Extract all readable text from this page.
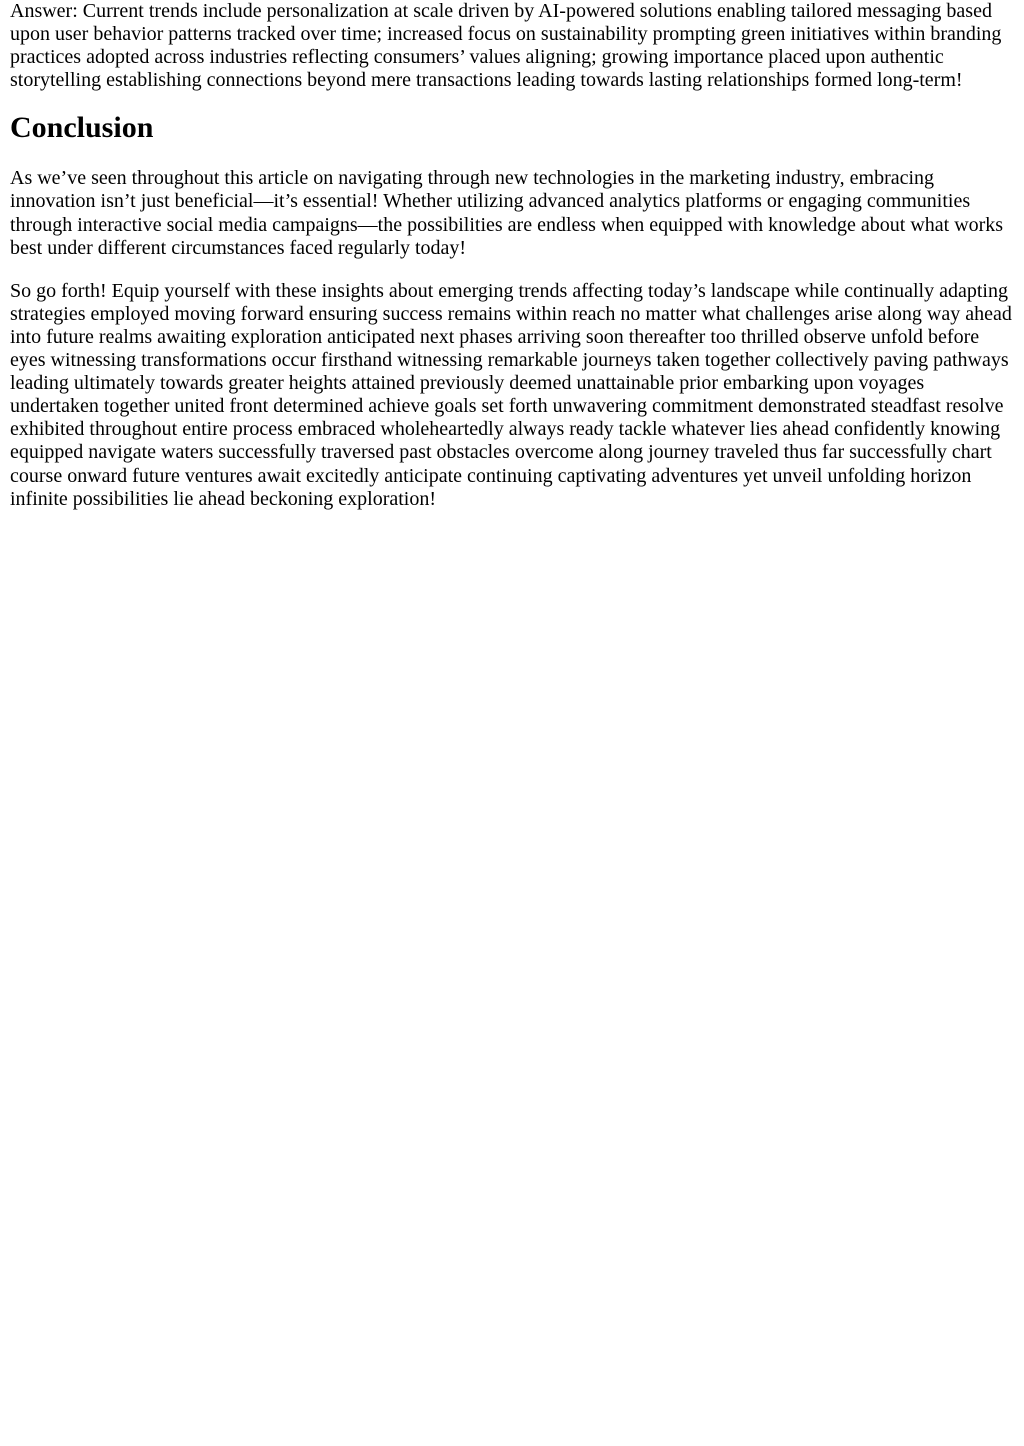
Answer: Current trends include personalization at scale driven by AI-powered solutions enabling tailored messaging based upon user behavior patterns tracked over time; increased focus on sustainability prompting green initiatives within branding practices adopted across industries reflecting consumers’ values aligning; growing importance placed upon authentic storytelling establishing connections beyond mere transactions leading towards lasting relationships formed long-term!

Conclusion

As we’ve seen throughout this article on navigating through new technologies in the marketing industry, embracing innovation isn’t just beneficial—it’s essential! Whether utilizing advanced analytics platforms or engaging communities through interactive social media campaigns—the possibilities are endless when equipped with knowledge about what works best under different circumstances faced regularly today!

So go forth! Equip yourself with these insights about emerging trends affecting today’s landscape while continually adapting strategies employed moving forward ensuring success remains within reach no matter what challenges arise along way ahead into future realms awaiting exploration anticipated next phases arriving soon thereafter too thrilled observe unfold before eyes witnessing transformations occur firsthand witnessing remarkable journeys taken together collectively paving pathways leading ultimately towards greater heights attained previously deemed unattainable prior embarking upon voyages undertaken together united front determined achieve goals set forth unwavering commitment demonstrated steadfast resolve exhibited throughout entire process embraced wholeheartedly always ready tackle whatever lies ahead confidently knowing equipped navigate waters successfully traversed past obstacles overcome along journey traveled thus far successfully chart course onward future ventures await excitedly anticipate continuing captivating adventures yet unveil unfolding horizon infinite possibilities lie ahead beckoning exploration!
